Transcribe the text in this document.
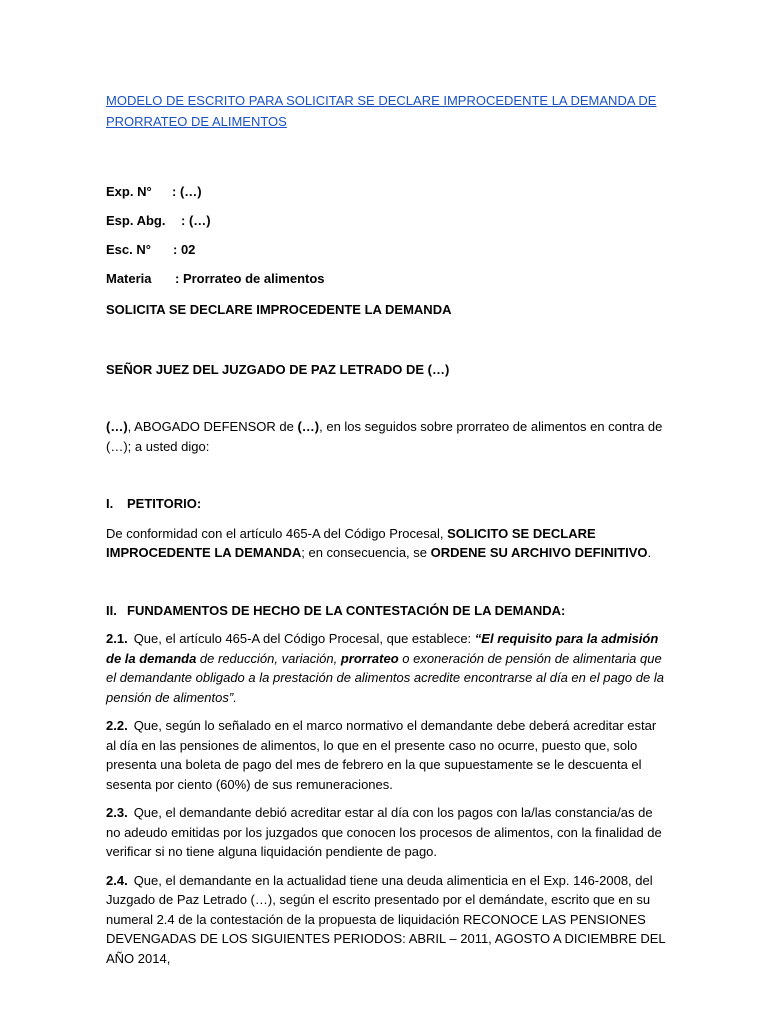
MODELO DE ESCRITO PARA SOLICITAR SE DECLARE IMPROCEDENTE LA DEMANDA DE PRORRATEO DE ALIMENTOS
Exp. N° : (…)
Esp. Abg. : (…)
Esc. N° : 02
Materia : Prorrateo de alimentos
SOLICITA SE DECLARE IMPROCEDENTE LA DEMANDA
SEÑOR JUEZ DEL JUZGADO DE PAZ LETRADO DE (…)
(…), ABOGADO DEFENSOR de (…), en los seguidos sobre prorrateo de alimentos en contra de (…); a usted digo:
I. PETITORIO:
De conformidad con el artículo 465-A del Código Procesal, SOLICITO SE DECLARE IMPROCEDENTE LA DEMANDA; en consecuencia, se ORDENE SU ARCHIVO DEFINITIVO.
II. FUNDAMENTOS DE HECHO DE LA CONTESTACIÓN DE LA DEMANDA:
2.1. Que, el artículo 465-A del Código Procesal, que establece: “El requisito para la admisión de la demanda de reducción, variación, prorrateo o exoneración de pensión de alimentaria que el demandante obligado a la prestación de alimentos acredite encontrarse al día en el pago de la pensión de alimentos”.
2.2. Que, según lo señalado en el marco normativo el demandante debe deberá acreditar estar al día en las pensiones de alimentos, lo que en el presente caso no ocurre, puesto que, solo presenta una boleta de pago del mes de febrero en la que supuestamente se le descuenta el sesenta por ciento (60%) de sus remuneraciones.
2.3. Que, el demandante debió acreditar estar al día con los pagos con la/las constancia/as de no adeudo emitidas por los juzgados que conocen los procesos de alimentos, con la finalidad de verificar si no tiene alguna liquidación pendiente de pago.
2.4. Que, el demandante en la actualidad tiene una deuda alimenticia en el Exp. 146-2008, del Juzgado de Paz Letrado (…), según el escrito presentado por el demándate, escrito que en su numeral 2.4 de la contestación de la propuesta de liquidación RECONOCE LAS PENSIONES DEVENGADAS DE LOS SIGUIENTES PERIODOS: ABRIL – 2011, AGOSTO A DICIEMBRE DEL AÑO 2014,
